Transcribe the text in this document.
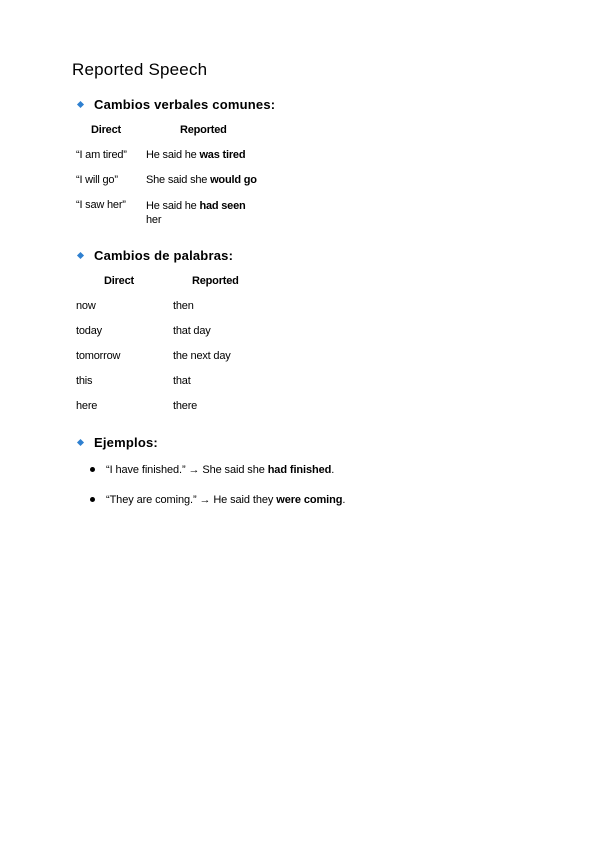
Reported Speech
Cambios verbales comunes:
Direct	Reported
“I am tired” He said he was tired
“I will go”	She said she would go
“I saw her” He said he had seen her
Cambios de palabras:
Direct	Reported
now	then
today	that day
tomorrow	the next day
this	that
here	there
Ejemplos:
“I have finished.” → She said she had finished.
“They are coming.” → He said they were coming.
